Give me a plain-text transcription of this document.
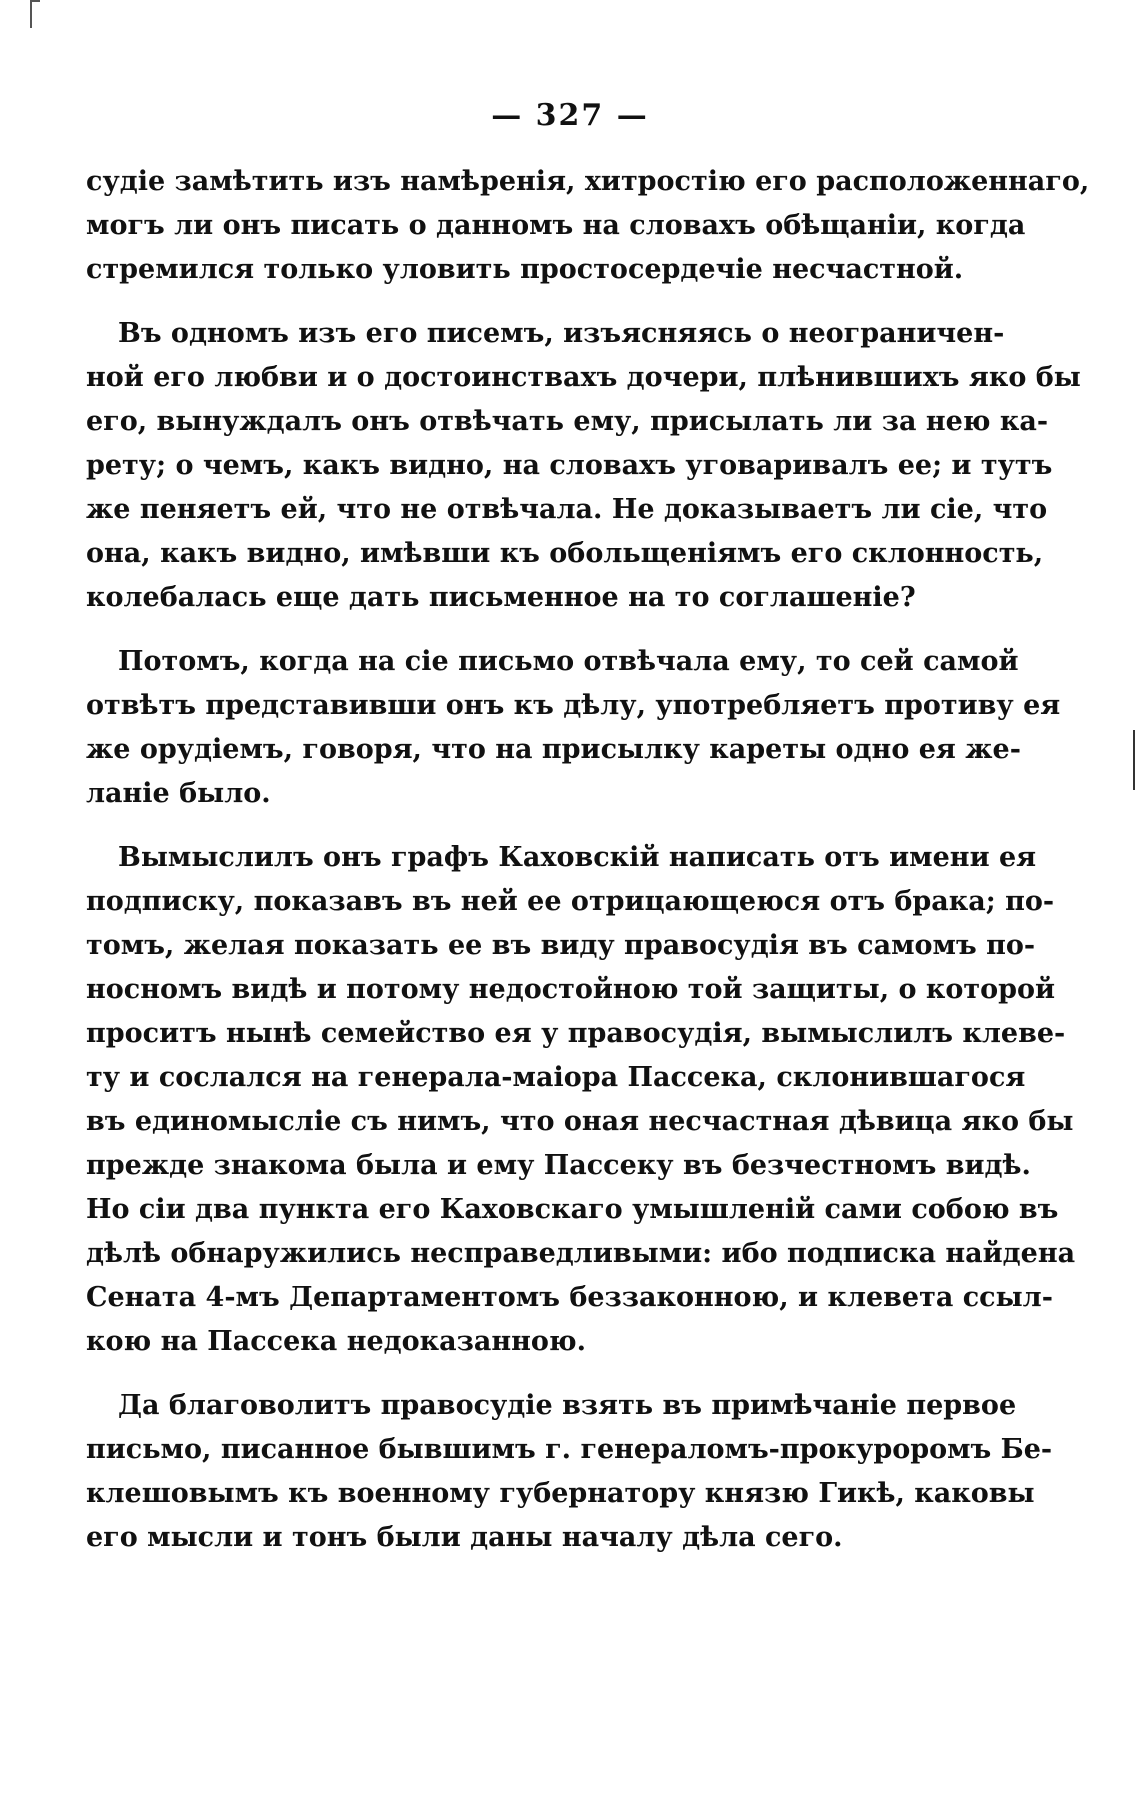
— 327 —
судіе замѣтить изъ намѣренія, хитростію его расположеннаго,
могъ ли онъ писать о данномъ на словахъ обѣщаніи, когда
стремился только уловить простосердечіе несчастной.
Въ одномъ изъ его писемъ, изъясняясь о неограничен-
ной его любви и о достоинствахъ дочери, плѣнившихъ яко бы
его, вынуждалъ онъ отвѣчать ему, присылать ли за нею ка-
рету; о чемъ, какъ видно, на словахъ уговаривалъ ее; и тутъ
же пеняетъ ей, что не отвѣчала. Не доказываетъ ли сіе, что
она, какъ видно, имѣвши къ обольщеніямъ его склонность,
колебалась еще дать письменное на то соглашеніе?
Потомъ, когда на сіе письмо отвѣчала ему, то сей самой
отвѣтъ представивши онъ къ дѣлу, употребляетъ противу ея
же орудіемъ, говоря, что на присылку кареты одно ея же-
ланіе было.
Вымыслилъ онъ графъ Каховскій написать отъ имени ея
подписку, показавъ въ ней ее отрицающеюся отъ брака; по-
томъ, желая показать ее въ виду правосудія въ самомъ по-
носномъ видѣ и потому недостойною той защиты, о которой
проситъ нынѣ семейство ея у правосудія, вымыслилъ клеве-
ту и сослался на генерала-маіора Пассека, склонившагося
въ единомысліе съ нимъ, что оная несчастная дѣвица яко бы
прежде знакома была и ему Пассеку въ безчестномъ видѣ.
Но сіи два пункта его Каховскаго умышленій сами собою въ
дѣлѣ обнаружились несправедливыми: ибо подписка найдена
Сената 4-мъ Департаментомъ беззаконною, и клевета ссыл-
кою на Пассека недоказанною.
Да благоволитъ правосудіе взять въ примѣчаніе первое
письмо, писанное бывшимъ г. генераломъ-прокуроромъ Бе-
клешовымъ къ военному губернатору князю Гикѣ, каковы
его мысли и тонъ были даны началу дѣла сего.
